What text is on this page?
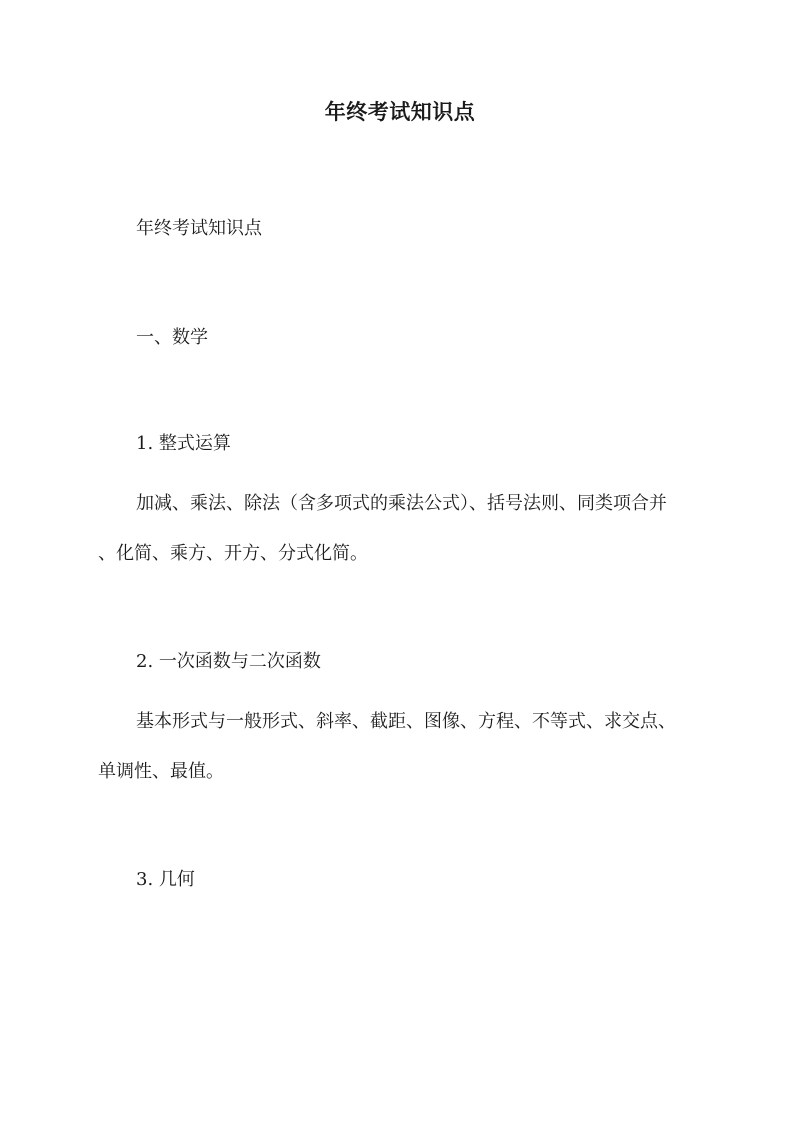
年终考试知识点

年终考试知识点

一、数学

1. 整式运算

加减、乘法、除法（含多项式的乘法公式）、括号法则、同类项合并

、化简、乘方、开方、分式化简。

2. 一次函数与二次函数

基本形式与一般形式、斜率、截距、图像、方程、不等式、求交点、

单调性、最值。

3. 几何
